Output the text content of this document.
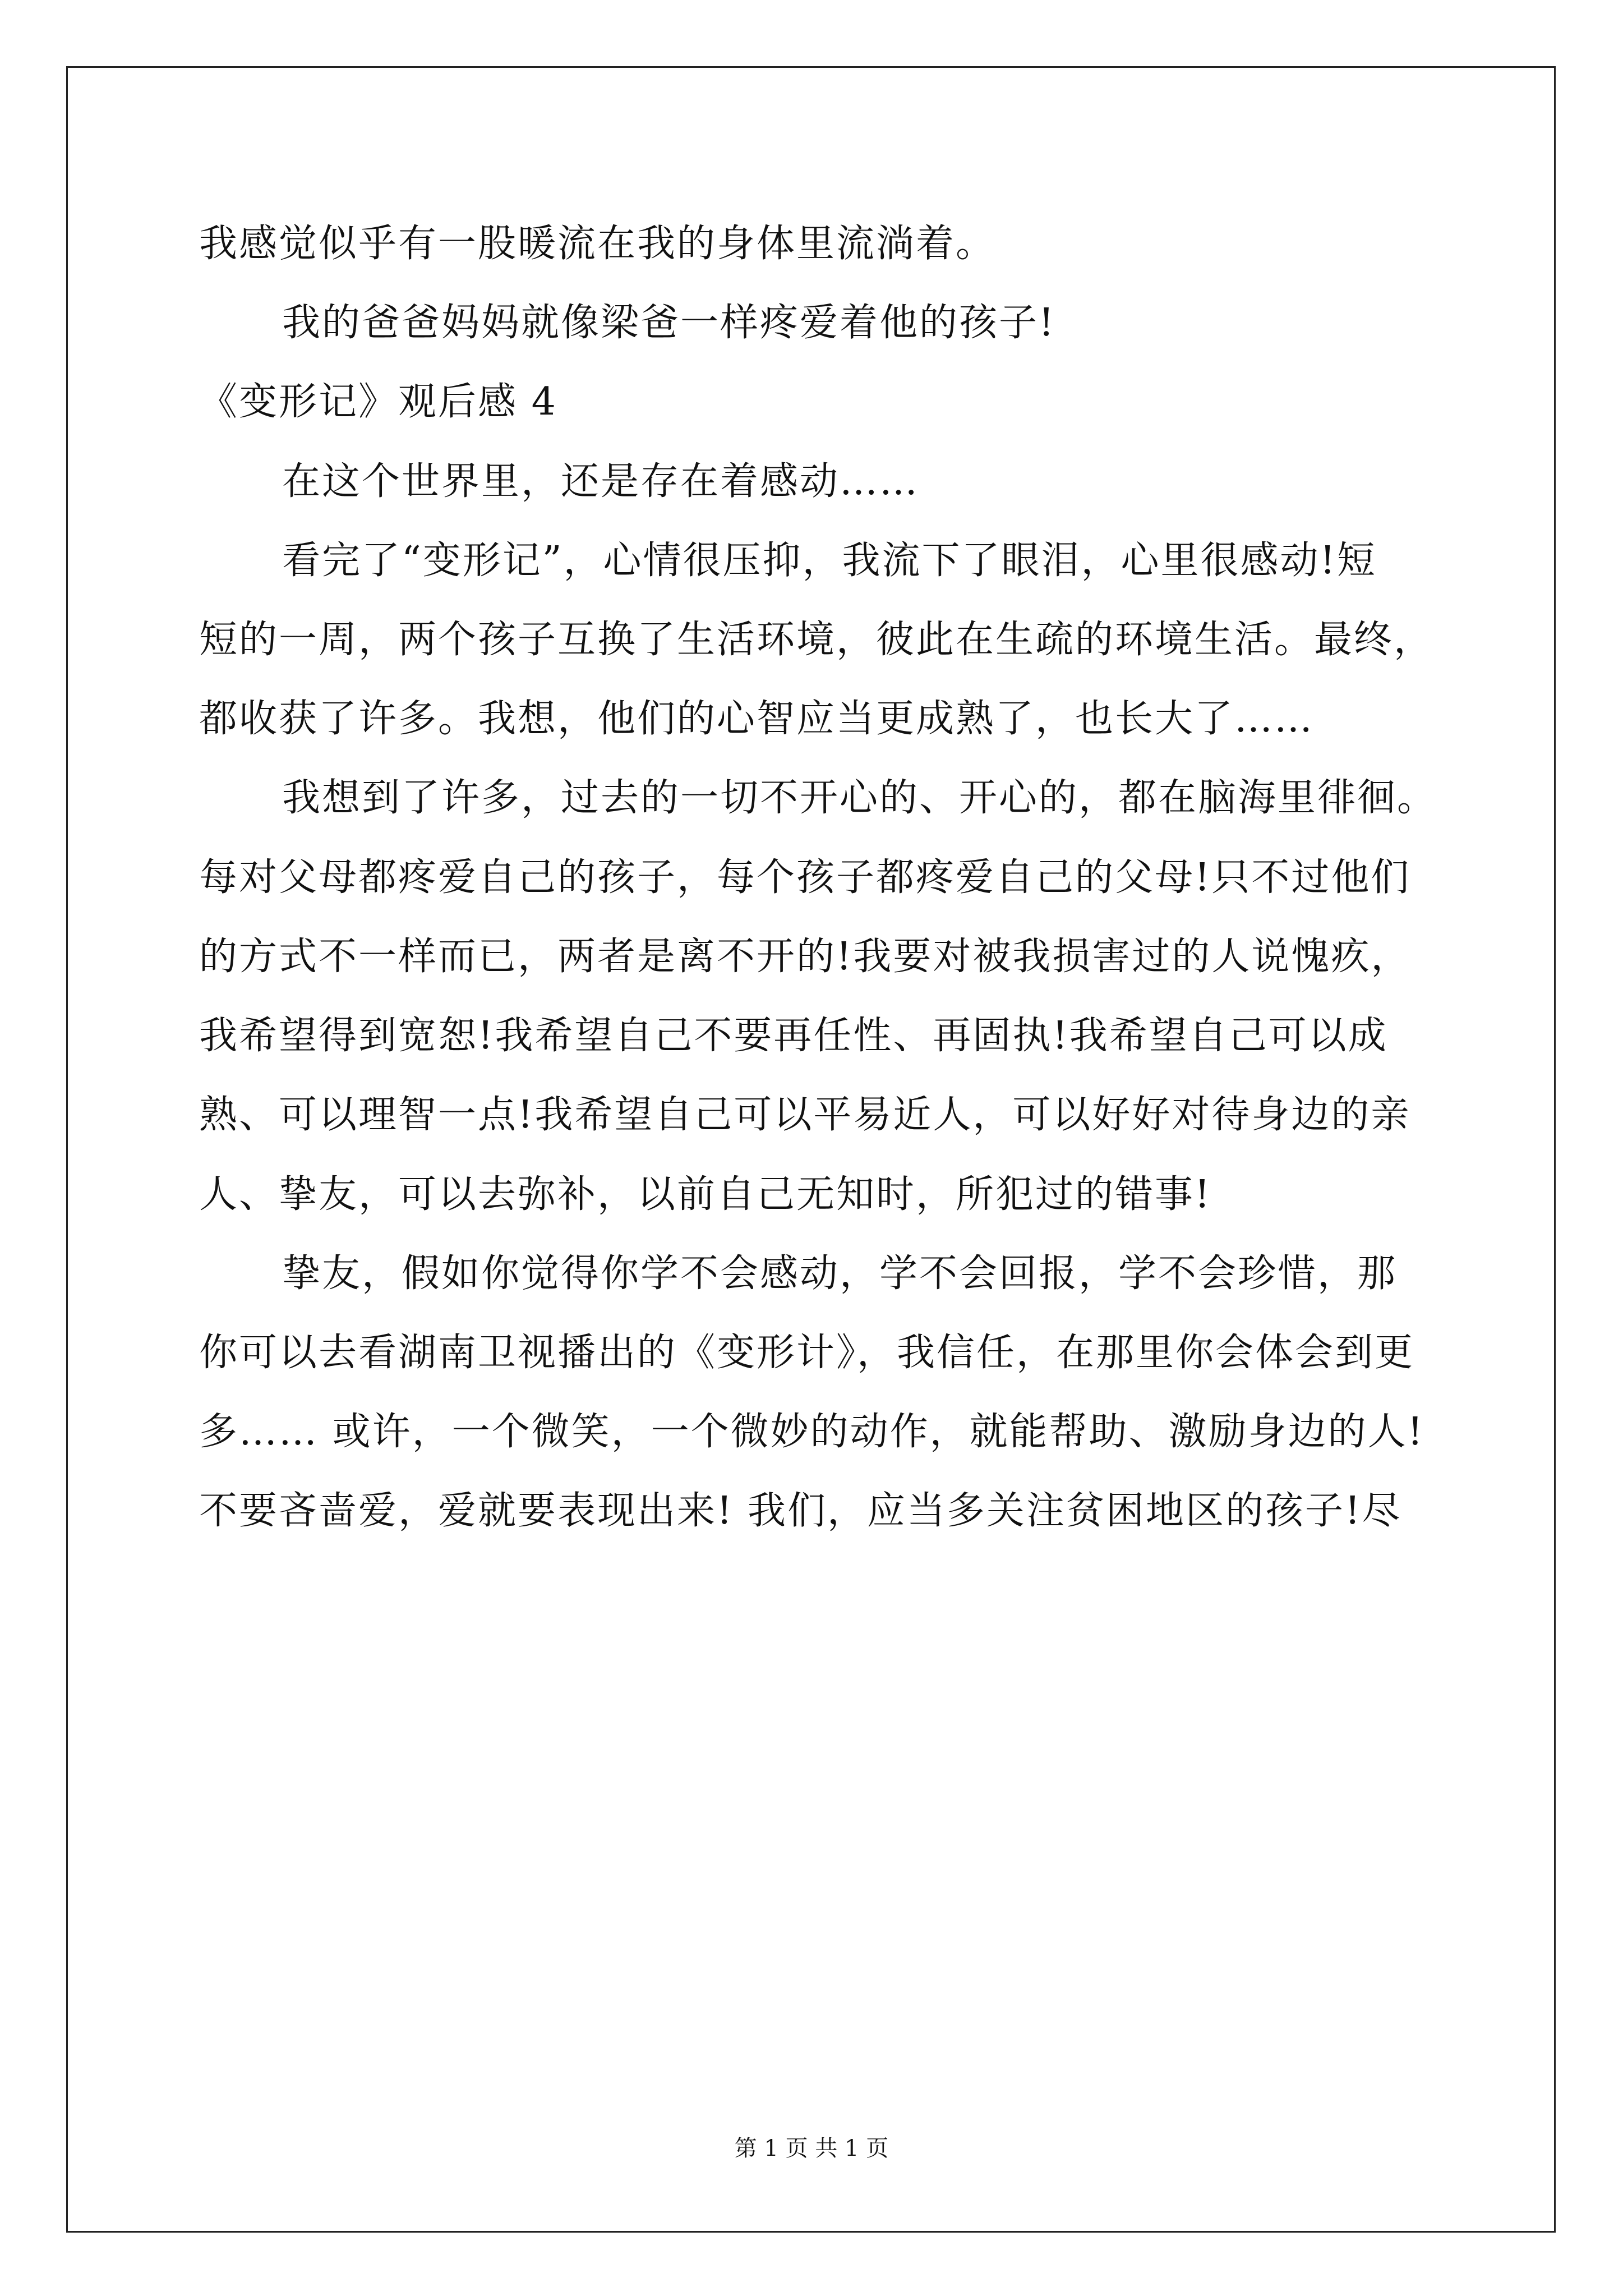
我感觉似乎有一股暖流在我的身体里流淌着。
我的爸爸妈妈就像梁爸一样疼爱着他的孩子!
《变形记》观后感 4
在这个世界里，还是存在着感动……
看完了“变形记”，心情很压抑，我流下了眼泪，心里很感动!短
短的一周，两个孩子互换了生活环境，彼此在生疏的环境生活。最终，
都收获了许多。我想，他们的心智应当更成熟了，也长大了……
我想到了许多，过去的一切不开心的、开心的，都在脑海里徘徊。
每对父母都疼爱自己的孩子，每个孩子都疼爱自己的父母!只不过他们
的方式不一样而已，两者是离不开的!我要对被我损害过的人说愧疚，
我希望得到宽恕!我希望自己不要再任性、再固执!我希望自己可以成
熟、可以理智一点!我希望自己可以平易近人，可以好好对待身边的亲
人、挚友，可以去弥补，以前自己无知时，所犯过的错事!
挚友，假如你觉得你学不会感动，学不会回报，学不会珍惜，那
你可以去看湖南卫视播出的《变形计》，我信任，在那里你会体会到更
多…… 或许，一个微笑，一个微妙的动作，就能帮助、激励身边的人!
不要吝啬爱，爱就要表现出来! 我们，应当多关注贫困地区的孩子!尽
第 1 页 共 1 页
